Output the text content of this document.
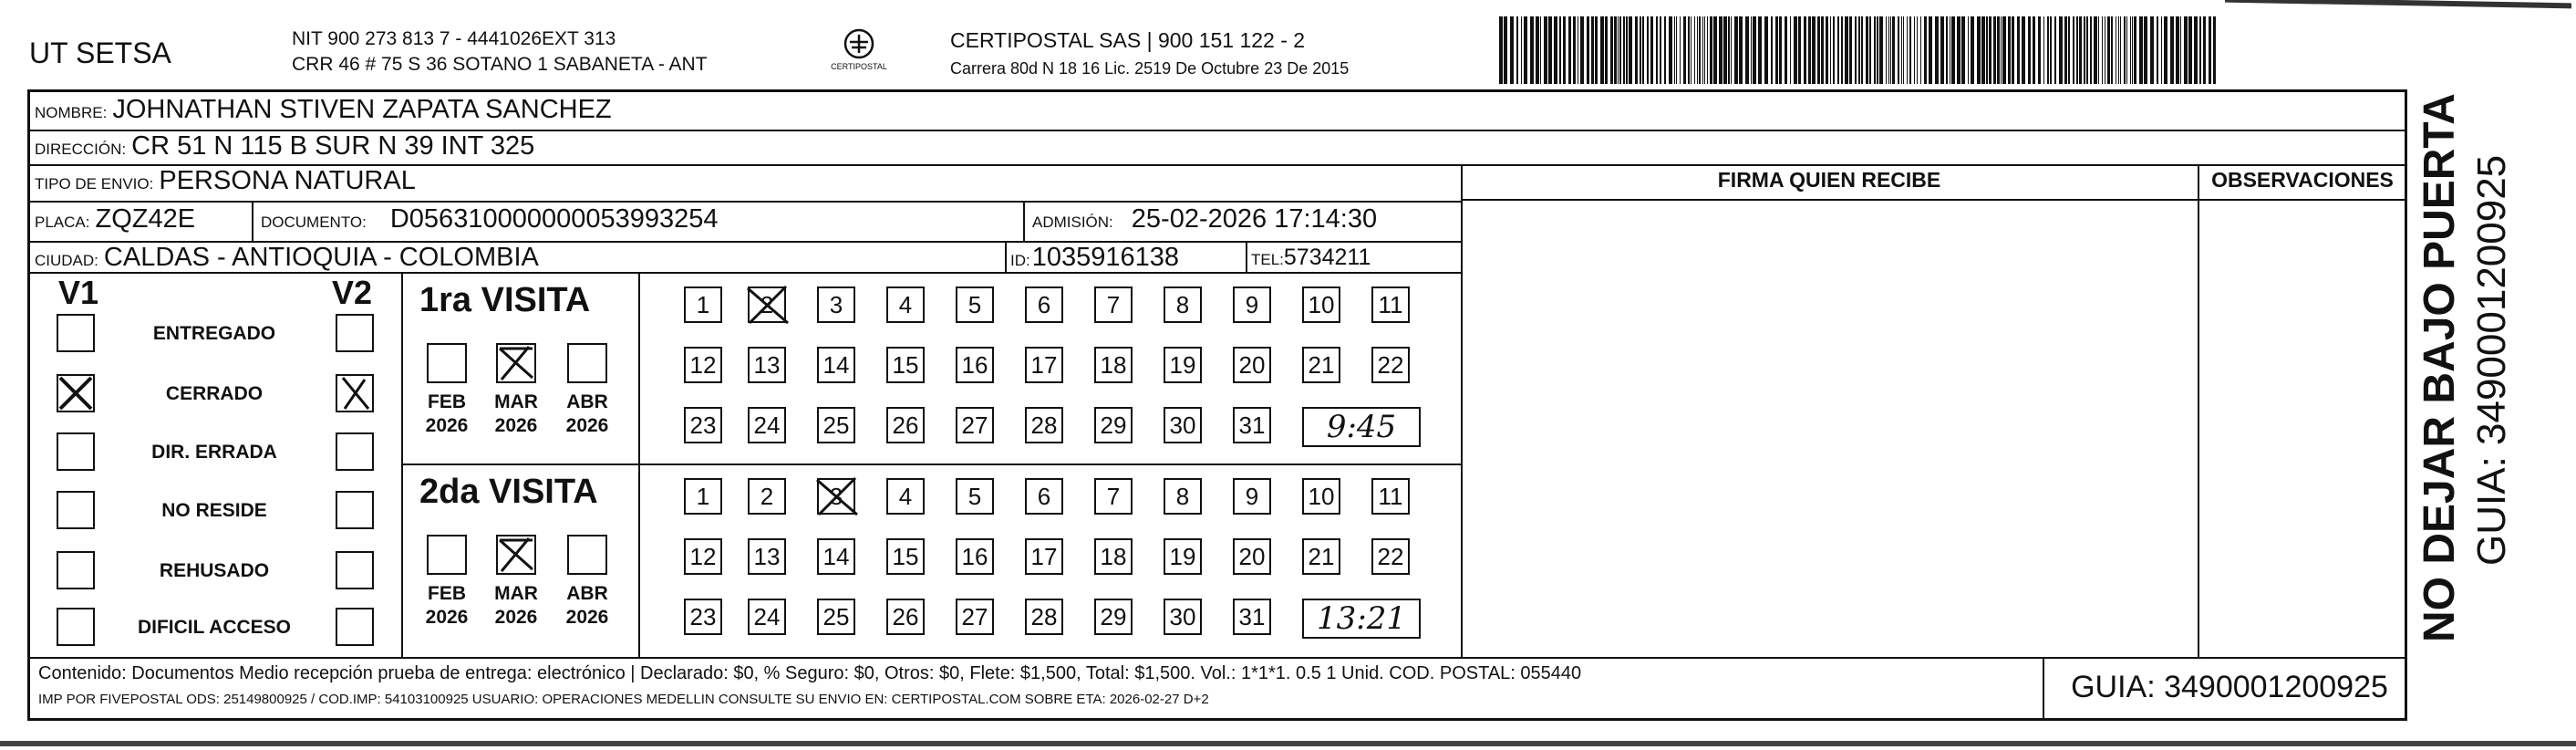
UT SETSA	NIT 900 273 813 7 - 4441026EXT 313
CRR 46 # 75 S 36 SOTANO 1 SABANETA - ANT	CERTIPOSTAL
CERTIPOSTAL SAS | 900 151 122 - 2
Carrera 80d N 18 16 Lic. 2519 De Octubre 23 De 2015
NOMBRE: JOHNATHAN STIVEN ZAPATA SANCHEZ
DIRECCIÓN: CR 51 N 115 B SUR N 39 INT 325
TIPO DE ENVIO: PERSONA NATURAL
PLACA: ZQZ42E	DOCUMENTO: D056310000000053993254	ADMISIÓN: 25-02-2026 17:14:30
CIUDAD: CALDAS - ANTIOQUIA - COLOMBIA	ID: 1035916138	TEL: 5734211
FIRMA QUIEN RECIBE	OBSERVACIONES
V1	V2
ENTREGADO
CERRADO
DIR. ERRADA
NO RESIDE
REHUSADO
DIFICIL ACCESO
1ra VISITA
FEB
2026
MAR
2026
ABR
2026
1 2 3 4 5 6 7 8 9 10 11
12 13 14 15 16 17 18 19 20 21 22
23 24 25 26 27 28 29 30 31 9:45
2da VISITA
FEB
2026
MAR
2026
ABR
2026
1 2 3 4 5 6 7 8 9 10 11
12 13 14 15 16 17 18 19 20 21 22
23 24 25 26 27 28 29 30 31 13:21
Contenido: Documentos Medio recepción prueba de entrega: electrónico | Declarado: $0, % Seguro: $0, Otros: $0, Flete: $1,500, Total: $1,500. Vol.: 1*1*1. 0.5 1 Unid. COD. POSTAL: 055440
IMP POR FIVEPOSTAL ODS: 25149800925 / COD.IMP: 54103100925 USUARIO: OPERACIONES MEDELLIN CONSULTE SU ENVIO EN: CERTIPOSTAL.COM SOBRE ETA: 2026-02-27 D+2	GUIA: 3490001200925
NO DEJAR BAJO PUERTA GUIA: 3490001200925
